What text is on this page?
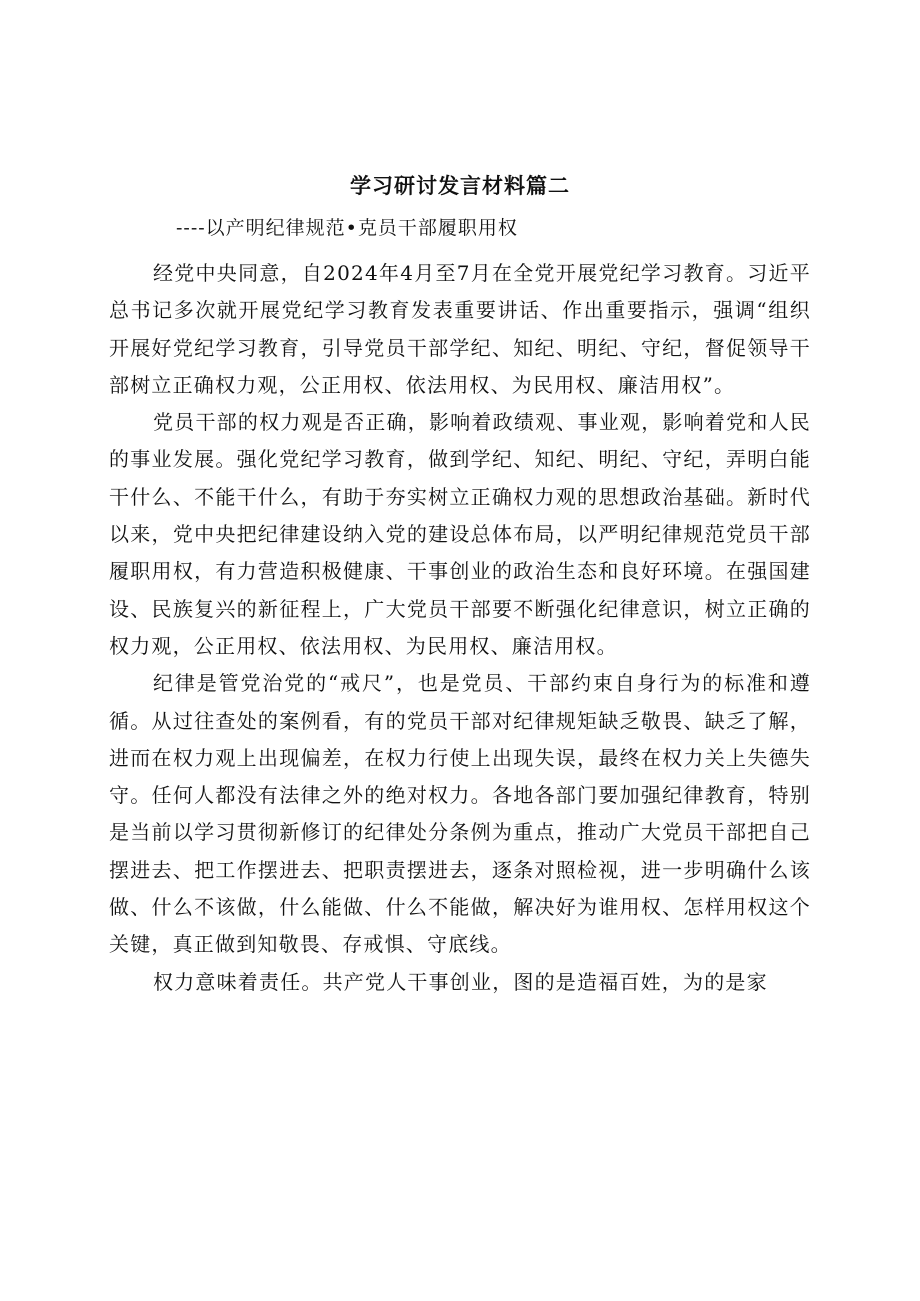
学习研讨发言材料篇二
----以产明纪律规范•克员干部履职用权

经党中央同意，自2024年4月至7月在全党开展党纪学习教育。习近平总书记多次就开展党纪学习教育发表重要讲话、作出重要指示，强调“组织开展好党纪学习教育，引导党员干部学纪、知纪、明纪、守纪，督促领导干部树立正确权力观，公正用权、依法用权、为民用权、廉洁用权”。

党员干部的权力观是否正确，影响着政绩观、事业观，影响着党和人民的事业发展。强化党纪学习教育，做到学纪、知纪、明纪、守纪，弄明白能干什么、不能干什么，有助于夯实树立正确权力观的思想政治基础。新时代以来，党中央把纪律建设纳入党的建设总体布局，以严明纪律规范党员干部履职用权，有力营造积极健康、干事创业的政治生态和良好环境。在强国建设、民族复兴的新征程上，广大党员干部要不断强化纪律意识，树立正确的权力观，公正用权、依法用权、为民用权、廉洁用权。

纪律是管党治党的“戒尺”，也是党员、干部约束自身行为的标准和遵循。从过往查处的案例看，有的党员干部对纪律规矩缺乏敬畏、缺乏了解，进而在权力观上出现偏差，在权力行使上出现失误，最终在权力关上失德失守。任何人都没有法律之外的绝对权力。各地各部门要加强纪律教育，特别是当前以学习贯彻新修订的纪律处分条例为重点，推动广大党员干部把自己摆进去、把工作摆进去、把职责摆进去，逐条对照检视，进一步明确什么该做、什么不该做，什么能做、什么不能做，解决好为谁用权、怎样用权这个关键，真正做到知敬畏、存戒惧、守底线。

权力意味着责任。共产党人干事创业，图的是造福百姓，为的是家
